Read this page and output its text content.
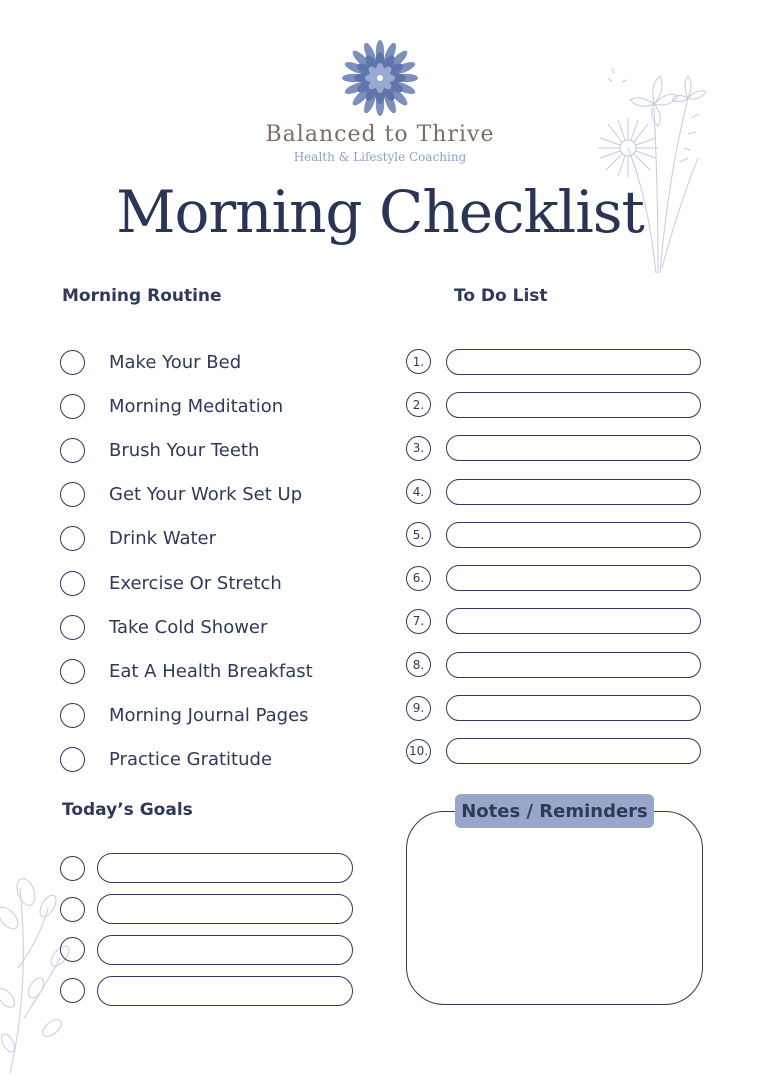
Balanced to Thrive
Health & Lifestyle Coaching
Morning Checklist
Morning Routine
Make Your Bed
Morning Meditation
Brush Your Teeth
Get Your Work Set Up
Drink Water
Exercise Or Stretch
Take Cold Shower
Eat A Health Breakfast
Morning Journal Pages
Practice Gratitude
To Do List
1.
2.
3.
4.
5.
6.
7.
8.
9.
10.
Today’s Goals	Notes / Reminders
